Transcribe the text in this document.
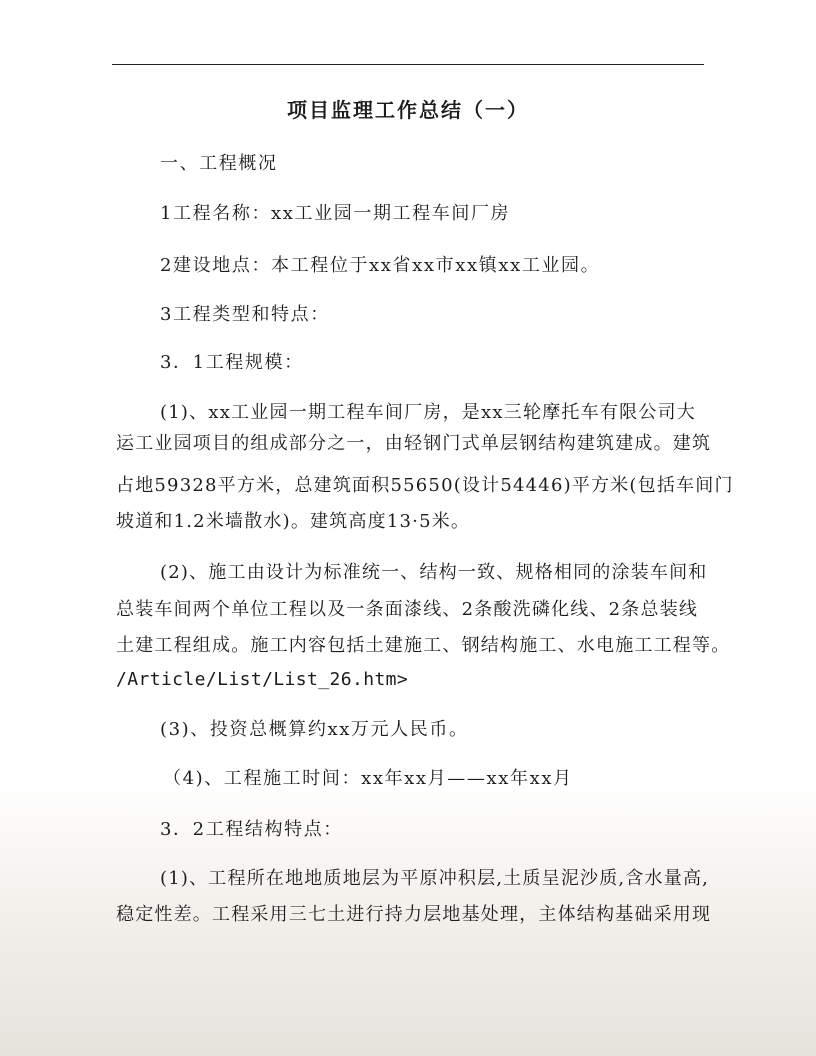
项目监理工作总结（一）
一、工程概况
1工程名称：xx工业园一期工程车间厂房
2建设地点：本工程位于xx省xx市xx镇xx工业园。
3工程类型和特点：
3．1工程规模：
(1)、xx工业园一期工程车间厂房，是xx三轮摩托车有限公司大
运工业园项目的组成部分之一，由轻钢门式单层钢结构建筑建成。建筑
占地59328平方米，总建筑面积55650(设计54446)平方米(包括车间门
坡道和1.2米墙散水)。建筑高度13·5米。
(2)、施工由设计为标准统一、结构一致、规格相同的涂装车间和
总装车间两个单位工程以及一条面漆线、2条酸洗磷化线、2条总装线
土建工程组成。施工内容包括土建施工、钢结构施工、水电施工工程等。
/Article/List/List_26.htm>
(3)、投资总概算约xx万元人民币。
（4)、工程施工时间：xx年xx月——xx年xx月
3．2工程结构特点：
(1)、工程所在地地质地层为平原冲积层,土质呈泥沙质,含水量高,
稳定性差。工程采用三七土进行持力层地基处理，主体结构基础采用现
